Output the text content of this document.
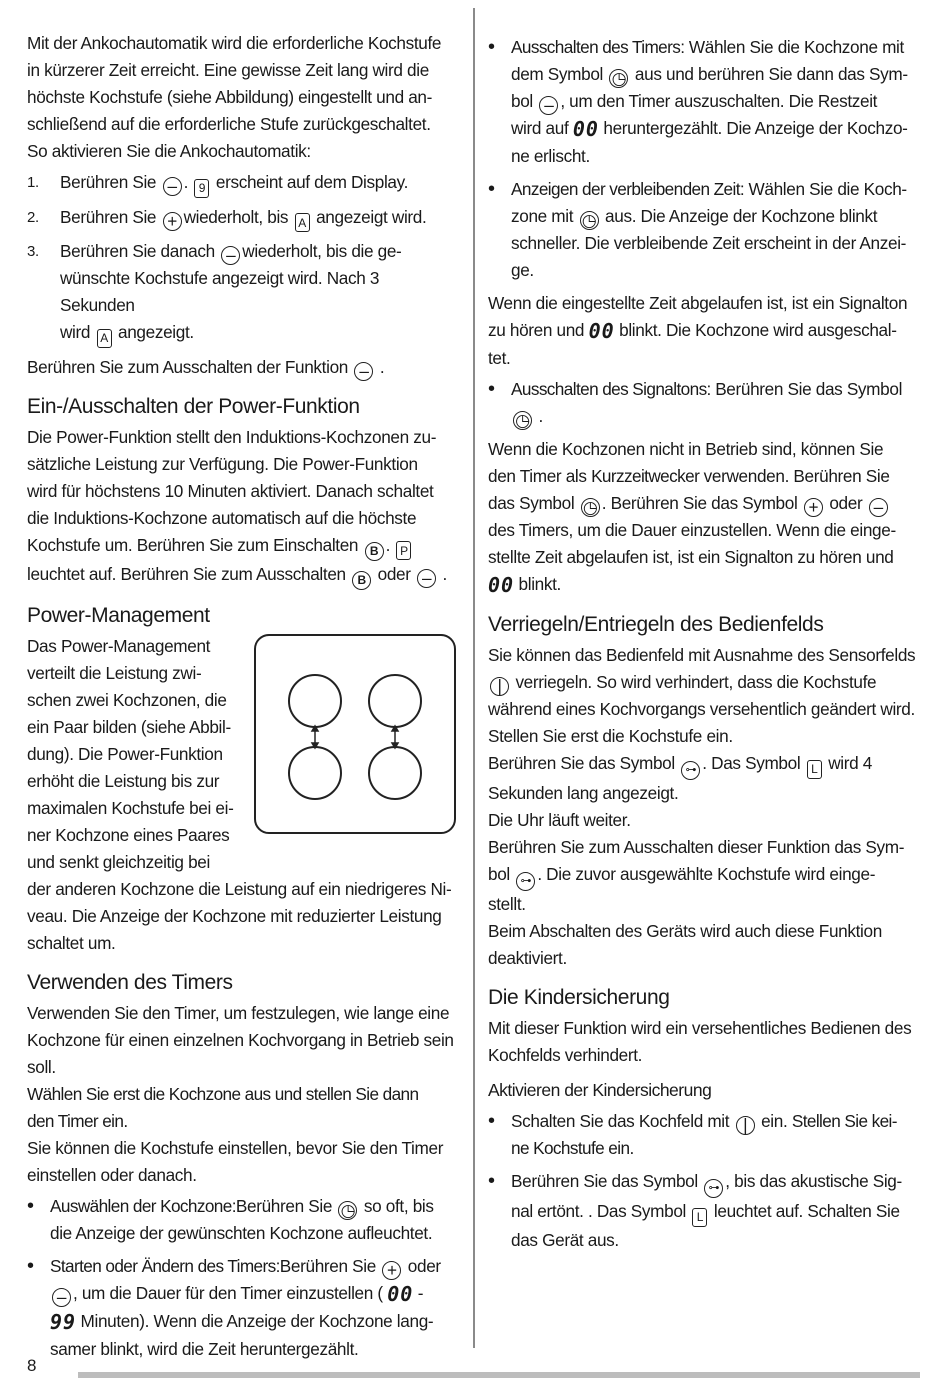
Mit der Ankochautomatik wird die erforderliche Kochstufe
in kürzerer Zeit erreicht. Eine gewisse Zeit lang wird die
höchste Kochstufe (siehe Abbildung) eingestellt und an-
schließend auf die erforderliche Stufe zurückgeschaltet.
So aktivieren Sie die Ankochautomatik:

1.	Berühren Sie – . 9 erscheint auf dem Display.
2.	Berühren Sie + wiederholt, bis A angezeigt wird.
3.	Berühren Sie danach – wiederholt, bis die ge-
wünschte Kochstufe angezeigt wird. Nach 3 Sekunden
wird A angezeigt.

Berühren Sie zum Ausschalten der Funktion – .

Ein-/Ausschalten der Power-Funktion

Die Power-Funktion stellt den Induktions-Kochzonen zu-
sätzliche Leistung zur Verfügung. Die Power-Funktion
wird für höchstens 10 Minuten aktiviert. Danach schaltet
die Induktions-Kochzone automatisch auf die höchste
Kochstufe um. Berühren Sie zum Einschalten B . P
leuchtet auf. Berühren Sie zum Ausschalten B oder – .

Power-Management

Das Power-Management
verteilt die Leistung zwi-
schen zwei Kochzonen, die
ein Paar bilden (siehe Abbil-
dung). Die Power-Funktion
erhöht die Leistung bis zur
maximalen Kochstufe bei ei-
ner Kochzone eines Paares
und senkt gleichzeitig bei
der anderen Kochzone die Leistung auf ein niedrigeres Ni-
veau. Die Anzeige der Kochzone mit reduzierter Leistung
schaltet um.

Verwenden des Timers

Verwenden Sie den Timer, um festzulegen, wie lange eine
Kochzone für einen einzelnen Kochvorgang in Betrieb sein
soll.

Wählen Sie erst die Kochzone aus und stellen Sie dann
den Timer ein.

Sie können die Kochstufe einstellen, bevor Sie den Timer
einstellen oder danach.

• Auswählen der Kochzone:Berühren Sie ◷ so oft, bis
die Anzeige der gewünschten Kochzone aufleuchtet.
• Starten oder Ändern des Timers:Berühren Sie + oder
– , um die Dauer für den Timer einzustellen ( 00 -
99 Minuten). Wenn die Anzeige der Kochzone lang-
samer blinkt, wird die Zeit heruntergezählt.
• Ausschalten des Timers: Wählen Sie die Kochzone mit
dem Symbol ◷ aus und berühren Sie dann das Sym-
bol – , um den Timer auszuschalten. Die Restzeit
wird auf 00 heruntergezählt. Die Anzeige der Kochzo-
ne erlischt.
• Anzeigen der verbleibenden Zeit: Wählen Sie die Koch-
zone mit ◷ aus. Die Anzeige der Kochzone blinkt
schneller. Die verbleibende Zeit erscheint in der Anzei-
ge.

Wenn die eingestellte Zeit abgelaufen ist, ist ein Signalton
zu hören und 00 blinkt. Die Kochzone wird ausgeschal-
tet.

• Ausschalten des Signaltons: Berühren Sie das Symbol
◷ .

Wenn die Kochzonen nicht in Betrieb sind, können Sie
den Timer als Kurzzeitwecker verwenden. Berühren Sie
das Symbol ◷ . Berühren Sie das Symbol + oder –
des Timers, um die Dauer einzustellen. Wenn die einge-
stellte Zeit abgelaufen ist, ist ein Signalton zu hören und
00 blinkt.

Verriegeln/Entriegeln des Bedienfelds

Sie können das Bedienfeld mit Ausnahme des Sensorfelds
| verriegeln. So wird verhindert, dass die Kochstufe
während eines Kochvorgangs versehentlich geändert wird.
Stellen Sie erst die Kochstufe ein.
Berühren Sie das Symbol ⊶ . Das Symbol L wird 4
Sekunden lang angezeigt.
Die Uhr läuft weiter.
Berühren Sie zum Ausschalten dieser Funktion das Sym-
bol ⊶ . Die zuvor ausgewählte Kochstufe wird einge-
stellt.
Beim Abschalten des Geräts wird auch diese Funktion
deaktiviert.

Die Kindersicherung

Mit dieser Funktion wird ein versehentliches Bedienen des
Kochfelds verhindert.

Aktivieren der Kindersicherung
• Schalten Sie das Kochfeld mit | ein. Stellen Sie kei-
ne Kochstufe ein.
• Berühren Sie das Symbol ⊶ , bis das akustische Sig-
nal ertönt. . Das Symbol L leuchtet auf. Schalten Sie
das Gerät aus.
8
